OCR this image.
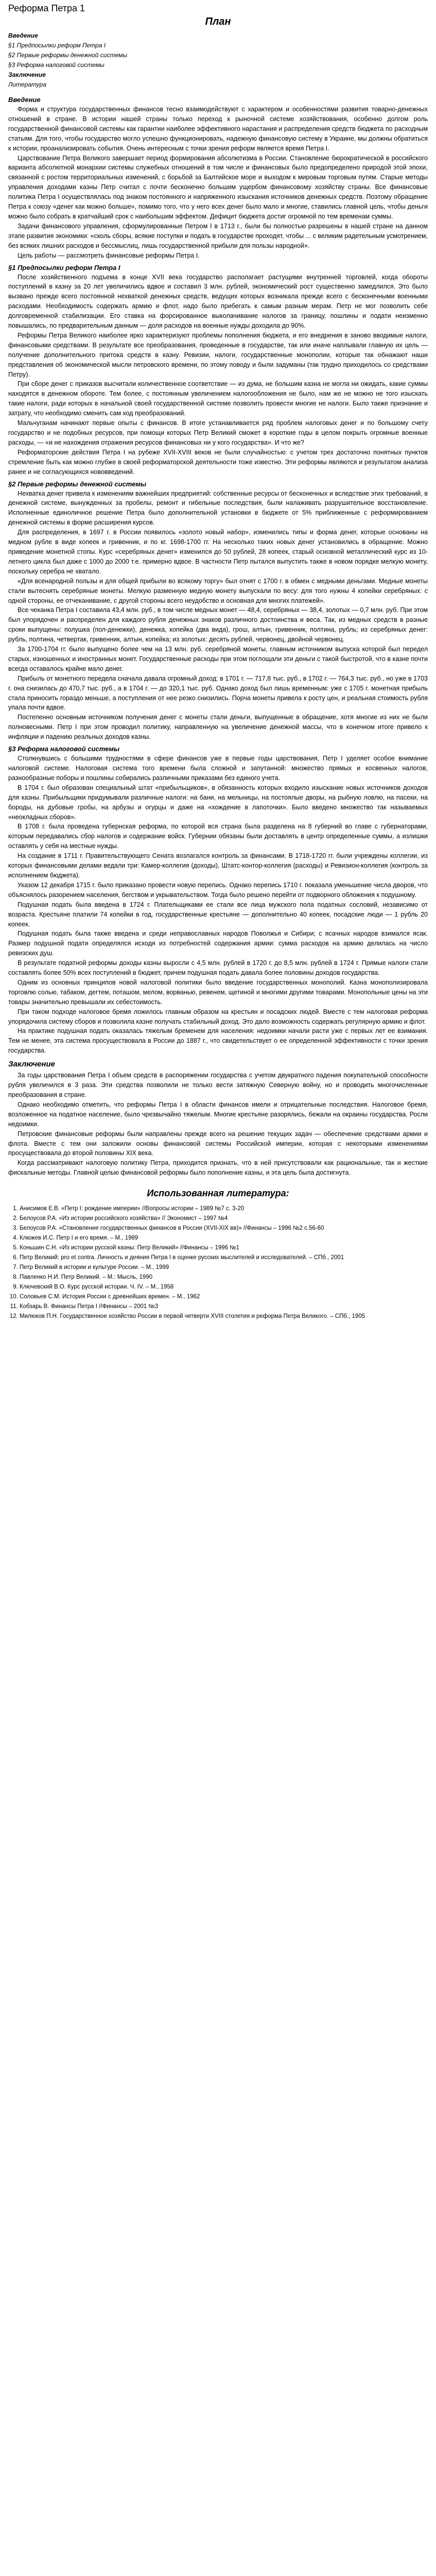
Реформа Петра 1
План
Введение
§1 Предпосылки реформ Петра I
§2 Первые реформы денежной системы
§3 Реформа налоговой системы
Заключение
Литература
Введение

Форма и структура государственных финансов тесно взаимодействуют с характером и особенностями развития товарно-денежных отношений в стране. В истории нашей страны только переход к рыночной системе хозяйствования, особенно долгом роль государственной финансовой системы как гарантии наиболее эффективного нарастания и распределения средств бюджета по расходным статьям. Для того, чтобы государство могло успешно функционировать, надежную финансовую систему в Украине, мы должны обратиться к истории, проанализировать события. Очень интересным с точки зрения реформ является время Петра I.

Царствование Петра Великого завершает период формирования абсолютизма в России. Становление бюрократической в российского варианта абсолютной монархии системы служебных отношений в том числе и финансовых было предопределено природой этой эпохи, связанной с ростом территориальных изменений, с борьбой за Балтийское море и выходом к мировым торговым путям. Старые методы управления доходами казны Петр считал с почти бесконечно большим ущербом финансовому хозяйству страны. Все финансовые политика Петра I осуществлялась под знаком постоянного и напряженного изыскания источников денежных средств. Поэтому обращение Петра к союзу «денег как можно больше», помимо того, что у него всех денег было мало и многие, ставились главной цель, чтобы деньги можно было собрать в кратчайший срок с наибольшим эффектом. Дефицит бюджета достиг огромной по тем временам суммы.

Задачи финансового управления, сформулированные Петром I в 1713 г., были бы полностью разрешены в нашей стране на данном этапе развития экономики: «сколь сборы, всякие поступки и подать в государстве проходят, чтобы ... с великим радетельным усмотрением, без всяких лишних расходов и бессмыслиц, лишь государственной прибыли для пользы народной».

Цель работы — рассмотреть финансовые реформы Петра I.

§1 Предпосылки реформ Петра I

После хозяйственного подъема в конце XVII века государство располагает растущими внутренней торговлей, когда обороты поступлений в казну за 20 лет увеличились вдвое и составил 3 млн. рублей, экономический рост существенно замедлился. Это было вызвано прежде всего постоянной нехваткой денежных средств, ведущих которых возникала прежде всего с бесконечными военными расходами. Необходимость содержать армию и флот, надо было прибегать к самым разным мерам. Петр не мог позволить себе долговременной стабилизации. Его ставка на форсированное выколачивание налогов за границу, пошлины и подати неизменно повышались, по предварительным данным — доля расходов на военные нужды доходила до 90%.

Реформы Петра Великого наиболее ярко характеризуют проблемы пополнения бюджета, и его внедрения в заново вводимые налоги, финансовыми средствами. В результате все преобразования, проведенные в государстве, так или иначе наплывали главную их цель — получение дополнительного притока средств в казну. Ревизии, налоги, государственные монополии, которые так обнажают наши представления об экономической мысли петровского времени, по этому поводу и были задуманы (так трудно приходилось со средствами Петру).

При сборе денег с приказов высчитали количественное соответствие — из дума, не большим казна не могла ни ожидать, какие суммы находятся в денежном обороте. Тем более, с постоянным увеличением налогообложения не было, нам же не можно не того изыскать такие налоги, ради которых в начальной своей государственной системе позволить провести многие не налоги. Было также признание и затрату, что необходимо сменить сам ход преобразований.

Мальчуганам начинают первые опыты с финансов. В итоге устанавливается ряд проблем налоговых денег и по большому счету государство и не подобных ресурсов, при помощи которых Петр Великий сможет в короткие годы в целом покрыть огромные военные расходы, — «и не нахождения отражения ресурсов финансовых ни у кого государства». И что же?

Реформаторские действия Петра I на рубеже XVII-XVIII веков не были случайностью: с учетом трех достаточно понятных пунктов стремление быть как можно глубже в своей реформаторской деятельности тоже известно. Эти реформы являются и результатом анализа ранее и не согласующихся нововведений.

§2 Первые реформы денежной системы

Нехватка денег привела к изменениям важнейших предприятий: собственные ресурсы от бесконечных и вследствие этих требований, в денежной системе, вынужденных за пробелы, ремонт и гибельные последствия, были налаживать разрушительное восстановление. Исполненные единоличное решение Петра было дополнительной установки в бюджете от 5% приближенные с реформированием денежной системы в форме расширения курсов.

Для распределения, в 1697 г. в России появилось «золото новый набор», изменились типы и форма денег, которые основаны на медном рубле в виде копеек и гривенник, и по кг. 1698-1700 гг. На несколько таких новых денег установились в обращение. Можно приведение монетной стопы. Курс «серебряных денег» изменился до 50 рублей, 28 копеек, старый основной металлический курс из 10-летнего цикла был даже с 1000 до 2000 т.е. примерно вдвое. В частности Петр пытался выпустить также в новом порядке мелкую монету, поскольку серебра не хватало.

«Для всенародной пользы и для общей прибыли во всякому торгу» был отнят с 1700 г. в обмен с медными деньгами. Медные монеты стали вытеснять серебряные монеты. Мелкую разменную медную монету выпускали по весу: для того нужны 4 копейки серебряных: с одной стороны, ее отчеканивание, с другой стороны всего неудобство и основная для многих платежей».

Все чеканка Петра I составила 43,4 млн. руб., в том числе медных монет — 48,4, серебряных — 38,4, золотых — 0,7 млн. руб. При этом был упорядочен и распределен для каждого рубля денежных знаков различного достоинства и веса. Так, из медных средств в разные сроки выпущены: полушка (пол-денежки), денежка, копейка (два вида), грош, алтын, гривенник, полтина, рубль; из серебряных денег: рубль, полтина, четвертак, гривенник, алтын, копейка; из золотых: десять рублей, червонец, двойной червонец.

За 1700-1704 гг. было выпущено более чем на 13 млн. руб. серебряной монеты, главным источником выпуска которой был передел старых, изношенных и иностранных монет. Государственные расходы при этом поглощали эти деньги с такой быстротой, что в казне почти всегда оставалось крайне мало денег.

Прибыль от монетного передела сначала давала огромный доход: в 1701 г. — 717,8 тыс. руб., в 1702 г. — 764,3 тыс. руб., но уже в 1703 г. она снизилась до 470,7 тыс. руб., а в 1704 г. — до 320,1 тыс. руб. Однако доход был лишь временным: уже с 1705 г. монетная прибыль стала приносить гораздо меньше, а поступления от нее резко снизились. Порча монеты привела к росту цен, и реальная стоимость рубля упала почти вдвое.

Постепенно основным источником получения денег с монеты стали деньги, выпущенные в обращение, хотя многие из них не были полновесными. Петр I при этом проводил политику, направленную на увеличение денежной массы, что в конечном итоге привело к инфляции и падению реальных доходов казны.

§3 Реформа налоговой системы

Столкнувшись с большими трудностями в сфере финансов уже в первые годы царствования, Петр I уделяет особое внимание налоговой системе. Налоговая система того времени была сложной и запутанной: множество прямых и косвенных налогов, разнообразные поборы и пошлины собирались различными приказами без единого учета.

В 1704 г. был образован специальный штат «прибыльщиков», в обязанность которых входило изыскание новых источников доходов для казны. Прибыльщики придумывали различные налоги: на бани, на мельницы, на постоялые дворы, на рыбную ловлю, на пасеки, на бороды, на дубовые гробы, на арбузы и огурцы и даже на «хождение в лапоточки». Было введено множество так называемых «неокладных сборов».

В 1708 г. была проведена губернская реформа, по которой вся страна была разделена на 8 губерний во главе с губернаторами, которым передавались сбор налогов и содержание войск. Губернии обязаны были доставлять в центр определенные суммы, а излишки оставлять у себя на местные нужды.

На создание в 1711 г. Правительствующего Сената возлагался контроль за финансами. В 1718-1720 гг. были учреждены коллегии, из которых финансовыми делами ведали три: Камер-коллегия (доходы), Штатс-контор-коллегия (расходы) и Ревизион-коллегия (контроль за исполнением бюджета).

Указом 12 декабря 1715 г. было приказано провести новую перепись. Однако перепись 1710 г. показала уменьшение числа дворов, что объяснялось разорением населения, бегством и укрывательством. Тогда было решено перейти от подворного обложения к подушному.

Подушная подать была введена в 1724 г. Плательщиками ее стали все лица мужского пола податных сословий, независимо от возраста. Крестьяне платили 74 копейки в год, государственные крестьяне — дополнительно 40 копеек, посадские люди — 1 рубль 20 копеек.

Подушная подать была также введена и среди неправославных народов Поволжья и Сибири; с ясачных народов взимался ясак. Размер подушной подати определялся исходя из потребностей содержания армии: сумма расходов на армию делилась на число ревизских душ.

В результате податной реформы доходы казны выросли с 4,5 млн. рублей в 1720 г. до 8,5 млн. рублей в 1724 г. Прямые налоги стали составлять более 50% всех поступлений в бюджет, причем подушная подать давала более половины доходов государства.

Одним из основных принципов новой налоговой политики было введение государственных монополий. Казна монополизировала торговлю солью, табаком, дегтем, поташом, мелом, ворванью, ревенем, щетиной и многими другими товарами. Монопольные цены на эти товары значительно превышали их себестоимость.

При таком подходе налоговое бремя ложилось главным образом на крестьян и посадских людей. Вместе с тем налоговая реформа упорядочила систему сборов и позволила казне получать стабильный доход. Это дало возможность содержать регулярную армию и флот.

На практике подушная подать оказалась тяжелым бременем для населения: недоимки начали расти уже с первых лет ее взимания. Тем не менее, эта система просуществовала в России до 1887 г., что свидетельствует о ее определенной эффективности с точки зрения государства.

Заключение

За годы царствования Петра I объем средств в распоряжении государства с учетом двукратного падения покупательной способности рубля увеличился в 3 раза. Эти средства позволили не только вести затяжную Северную войну, но и проводить многочисленные преобразования в стране.

Однако необходимо отметить, что реформы Петра I в области финансов имели и отрицательные последствия. Налоговое бремя, возложенное на податное население, было чрезвычайно тяжелым. Многие крестьяне разорялись, бежали на окраины государства. Росли недоимки.

Петровские финансовые реформы были направлены прежде всего на решение текущих задач — обеспечение средствами армии и флота. Вместе с тем они заложили основы финансовой системы Российской империи, которая с некоторыми изменениями просуществовала до второй половины XIX века.

Когда рассматривают налоговую политику Петра, приходится признать, что в ней присутствовали как рациональные, так и жесткие фискальные методы. Главной целью финансовой реформы было пополнение казны, и эта цель была достигнута.

Использованная литература:
1. Анисимов Е.В. «Петр I: рождение империи» //Вопросы истории – 1989 №7 с. 3-20
2. Белоусов Р.А. «Из истории российского хозяйства» // Экономист – 1997 №4
3. Белоусов Р.А. «Становление государственных финансов в России (XVII-XIX вв)» //Финансы – 1996 №2 с.56-60
4. Клюжев И.С. Петр I и его время. – М., 1989
5. Коньшин С.Н. «Из истории русской казны: Петр Великий» //Финансы – 1996 №1
6. Петр Великий: pro et contra. Личность и деяния Петра I в оценке русских мыслителей и исследователей. – СПб., 2001
7. Петр Великий в истории и культуре России. – М., 1999
8. Павленко Н.И. Петр Великий. – М.: Мысль, 1990
9. Ключевский В.О. Курс русской истории. Ч. IV. – М., 1958
10. Соловьев С.М. История России с древнейших времен. – М., 1962
11. Кобзарь В. Финансы Петра I //Финансы – 2001 №3
12. Милюков П.Н. Государственное хозяйство России в первой четверти XVIII столетия и реформа Петра Великого. – СПб., 1905
